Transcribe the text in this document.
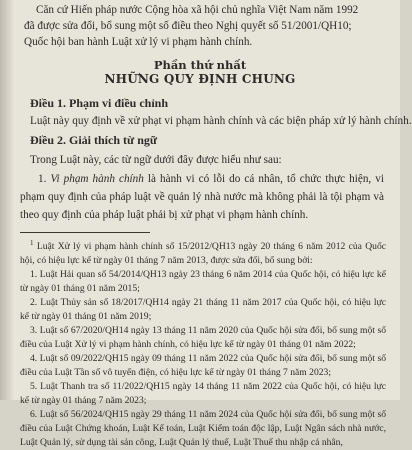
Căn cứ Hiến pháp nước Cộng hòa xã hội chủ nghĩa Việt Nam năm 1992

đã được sửa đổi, bổ sung một số điều theo Nghị quyết số 51/2001/QH10;

Quốc hội ban hành Luật xử lý vi phạm hành chính.

Phần thứ nhất
NHỮNG QUY ĐỊNH CHUNG
Điều 1. Phạm vi điều chỉnh
Luật này quy định về xử phạt vi phạm hành chính và các biện pháp xử lý hành chính.
Điều 2. Giải thích từ ngữ
Trong Luật này, các từ ngữ dưới đây được hiểu như sau:
1. Vi phạm hành chính là hành vi có lỗi do cá nhân, tổ chức thực hiện, vi phạm quy định của pháp luật về quản lý nhà nước mà không phải là tội phạm và theo quy định của pháp luật phải bị xử phạt vi phạm hành chính.

$^1$ Luật Xử lý vi phạm hành chính số 15/2012/QH13 ngày 20 tháng 6 năm 2012 của Quốc hội, có hiệu lực kể từ ngày 01 tháng 7 năm 2013, được sửa đổi, bổ sung bởi:

1. Luật Hải quan số 54/2014/QH13 ngày 23 tháng 6 năm 2014 của Quốc hội, có hiệu lực kể từ ngày 01 tháng 01 năm 2015;

2. Luật Thủy sản số 18/2017/QH14 ngày 21 tháng 11 năm 2017 của Quốc hội, có hiệu lực kể từ ngày 01 tháng 01 năm 2019;

3. Luật số 67/2020/QH14 ngày 13 tháng 11 năm 2020 của Quốc hội sửa đổi, bổ sung một số điều của Luật Xử lý vi phạm hành chính, có hiệu lực kể từ ngày 01 tháng 01 năm 2022;

4. Luật số 09/2022/QH15 ngày 09 tháng 11 năm 2022 của Quốc hội sửa đổi, bổ sung một số điều của Luật Tần số vô tuyến điện, có hiệu lực kể từ ngày 01 tháng 7 năm 2023;

5. Luật Thanh tra số 11/2022/QH15 ngày 14 tháng 11 năm 2022 của Quốc hội, có hiệu lực kể từ ngày 01 tháng 7 năm 2023;

6. Luật số 56/2024/QH15 ngày 29 tháng 11 năm 2024 của Quốc hội sửa đổi, bổ sung một số điều của Luật Chứng khoán, Luật Kế toán, Luật Kiểm toán độc lập, Luật Ngân sách nhà nước, Luật Quản lý, sử dụng tài sản công, Luật Quản lý thuế, Luật Thuế thu nhập cá nhân,
